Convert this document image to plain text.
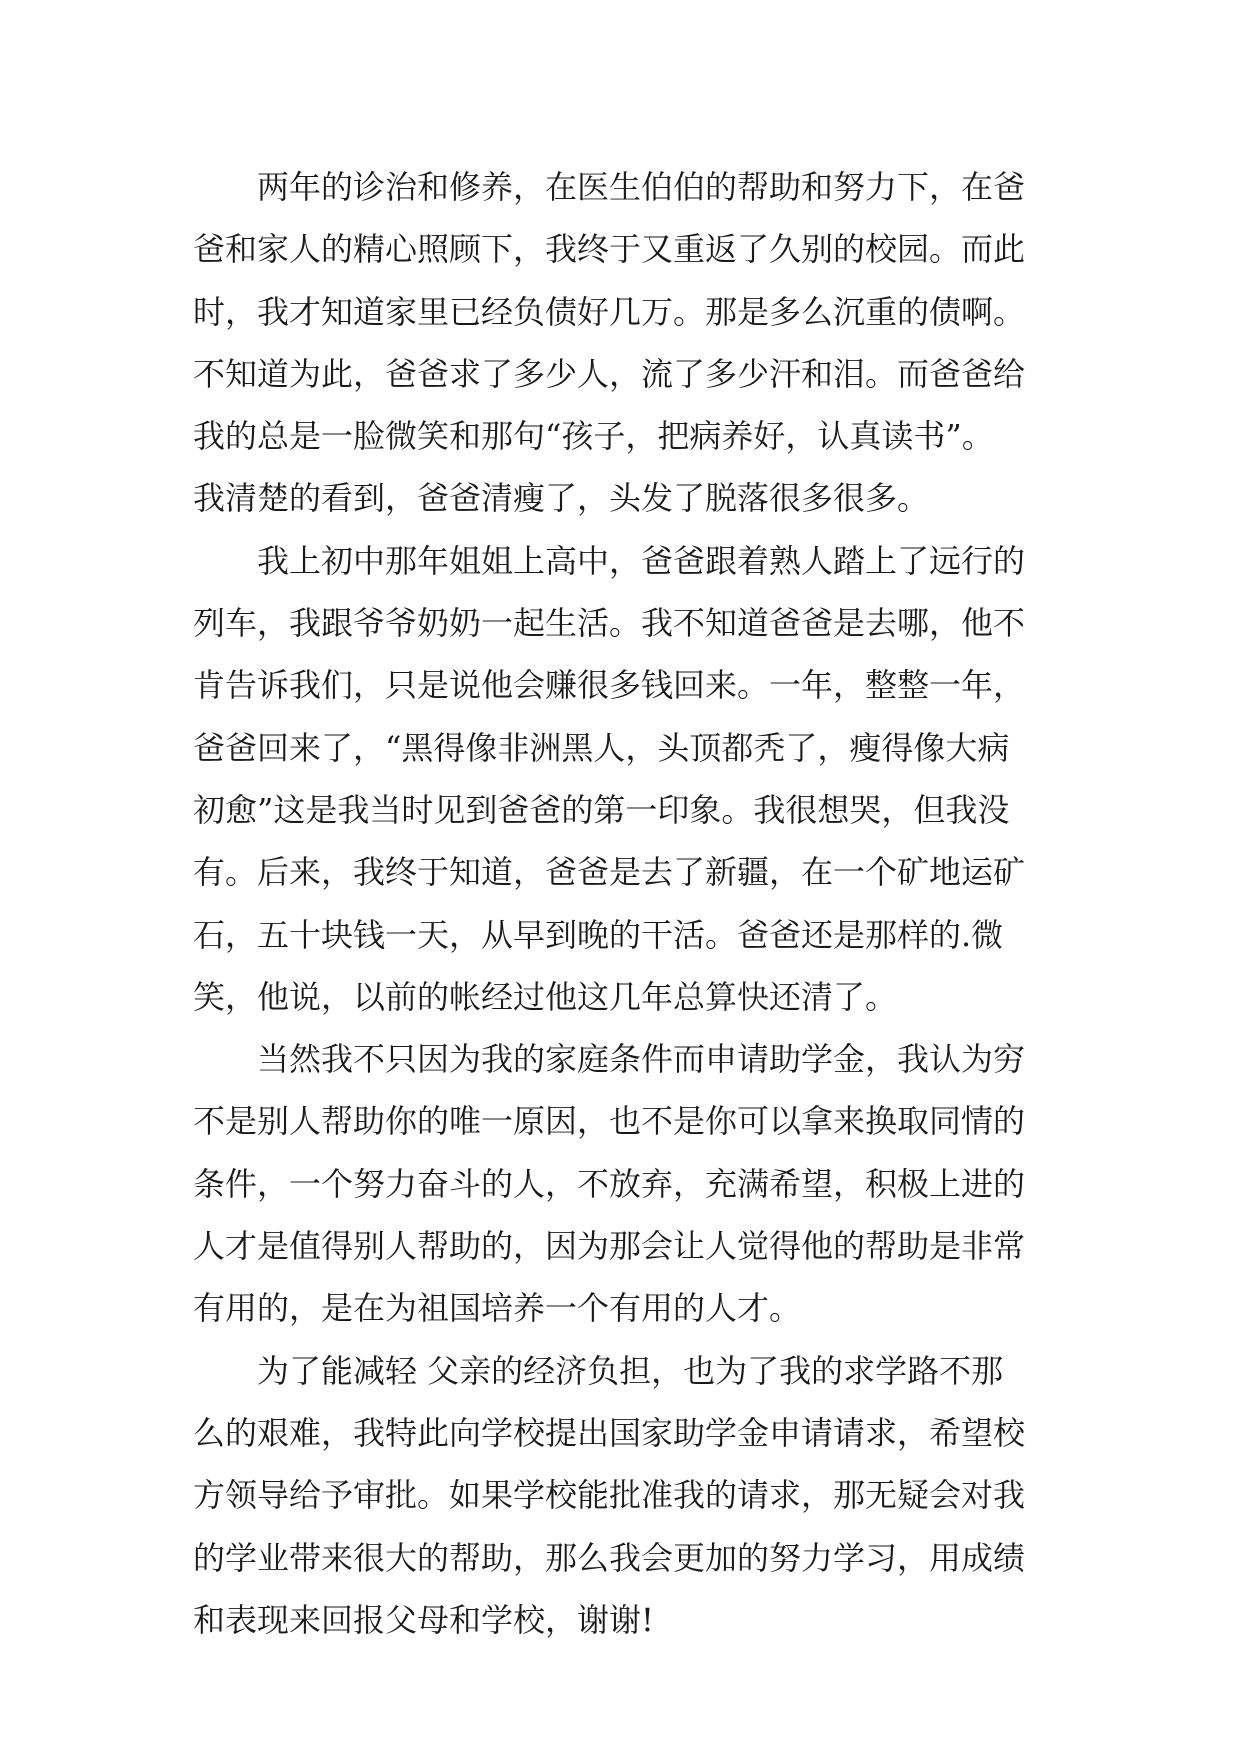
　　两年的诊治和修养，在医生伯伯的帮助和努力下，在爸
爸和家人的精心照顾下，我终于又重返了久别的校园。而此
时，我才知道家里已经负债好几万。那是多么沉重的债啊。
不知道为此，爸爸求了多少人，流了多少汗和泪。而爸爸给
我的总是一脸微笑和那句“孩子，把病养好，认真读书”。
我清楚的看到，爸爸清瘦了，头发了脱落很多很多。
　　我上初中那年姐姐上高中，爸爸跟着熟人踏上了远行的
列车，我跟爷爷奶奶一起生活。我不知道爸爸是去哪，他不
肯告诉我们，只是说他会赚很多钱回来。一年，整整一年，
爸爸回来了，“黑得像非洲黑人，头顶都秃了，瘦得像大病
初愈”这是我当时见到爸爸的第一印象。我很想哭，但我没
有。后来，我终于知道，爸爸是去了新疆，在一个矿地运矿
石，五十块钱一天，从早到晚的干活。爸爸还是那样的.微
笑，他说，以前的帐经过他这几年总算快还清了。
　　当然我不只因为我的家庭条件而申请助学金，我认为穷
不是别人帮助你的唯一原因，也不是你可以拿来换取同情的
条件，一个努力奋斗的人，不放弃，充满希望，积极上进的
人才是值得别人帮助的，因为那会让人觉得他的帮助是非常
有用的，是在为祖国培养一个有用的人才。
　　为了能减轻 父亲的经济负担，也为了我的求学路不那
么的艰难，我特此向学校提出国家助学金申请请求，希望校
方领导给予审批。如果学校能批准我的请求，那无疑会对我
的学业带来很大的帮助，那么我会更加的努力学习，用成绩
和表现来回报父母和学校，谢谢!
